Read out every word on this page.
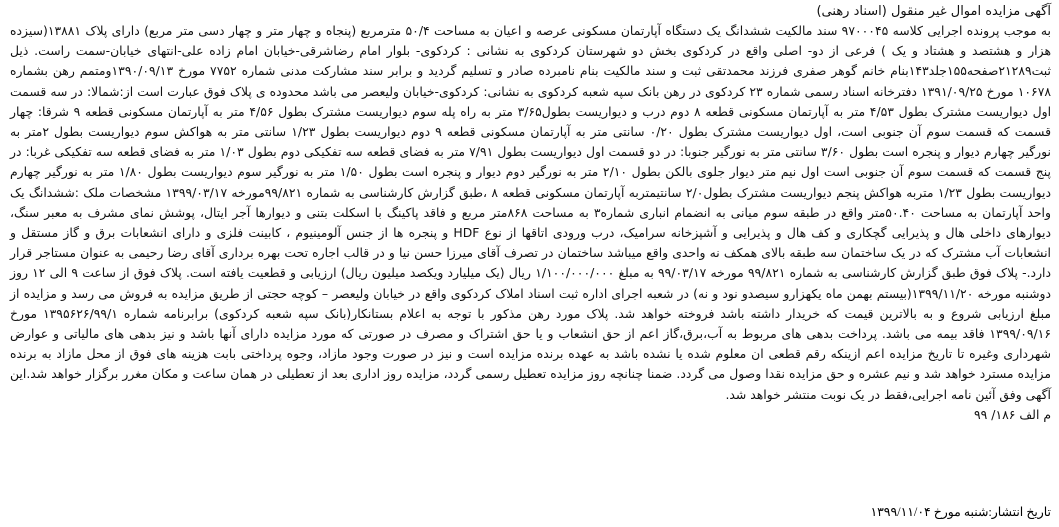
آگهی مزایده اموال غیر منقول (اسناد رهنی)

به موجب پرونده اجرایی کلاسه ۹۷۰۰۰۴۵ سند مالکیت ششدانگ یک دستگاه آپارتمان مسکونی عرصه و اعیان به مساحت ۵۰/۴ مترمربع (پنجاه و چهار متر و چهار دسی متر مربع) دارای پلاک ۱۳۸۸۱(سیزده هزار و هشتصد و هشتاد و یک ) فرعی از دو- اصلی واقع در کردکوی بخش دو شهرستان کردکوی به نشانی : کردکوی- بلوار امام رضاشرقی-خیابان امام زاده علی-انتهای خیابان-سمت راست. ذیل ثبت۲۱۲۸۹صفحه۱۵۵جلد۱۴۳بنام خانم گوهر صفری فرزند محمدتقی ثبت و سند مالکیت بنام نامبرده صادر و تسلیم گردید و برابر سند مشارکت مدنی شماره ۷۷۵۲ مورخ ۱۳۹۰/۰۹/۱۳ومتمم رهن بشماره ۱۰۶۷۸ مورخ ۱۳۹۱/۰۹/۲۵ دفترخانه اسناد رسمی شماره ۲۳ کردکوی در رهن بانک سپه شعبه کردکوی به نشانی: کردکوی-خیابان ولیعصر می باشد محدوده ی پلاک فوق عبارت است از:شمالا: در سه قسمت اول دیواریست مشترک بطول ۴/۵۳ متر به آپارتمان مسکونی قطعه ۸ دوم درب و دیواریست بطول۳/۶۵ متر به راه پله سوم دیواریست مشترک بطول ۴/۵۶ متر به آپارتمان مسکونی قطعه ۹ شرقا: چهار قسمت که قسمت سوم آن جنوبی است، اول دیواریست مشترک بطول ۰/۲۰ سانتی متر به آپارتمان مسکونی قطعه ۹ دوم دیواریست بطول ۱/۲۳ سانتی متر به هواکش سوم دیواریست بطول ۲متر به نورگیر چهارم دیوار و پنجره است بطول ۳/۶۰ سانتی متر به نورگیر جنوبا: در دو قسمت اول دیواریست بطول ۷/۹۱ متر به فضای قطعه سه تفکیکی دوم بطول ۱/۰۳ متر به فضای قطعه سه تفکیکی غربا: در پنج قسمت که قسمت سوم آن جنوبی است اول نیم متر دیوار جلوی بالکن بطول ۲/۱۰ متر به نورگیر دوم دیوار و پنجره است بطول ۱/۵۰ متر به نورگیر سوم دیواریست بطول ۱/۸۰ متر به نورگیر چهارم دیواریست بطول ۱/۲۳ متربه هواکش پنجم دیواریست مشترک بطول۲/۰ سانتیمتربه آپارتمان مسکونی قطعه ۸ ،طبق گزارش کارشناسی به شماره ۹۹/۸۲۱مورخه ۱۳۹۹/۰۳/۱۷ مشخصات ملک :ششدانگ یک واحد آپارتمان به مساحت ۵۰.۴۰متر واقع در طبقه سوم میانی به انضمام انباری شماره۳ به مساحت ۸۶۸متر مربع و فاقد پاکینگ با اسکلت بتنی و دیوارها آجر ایتال، پوشش نمای مشرف به معبر سنگ، دیوارهای داخلی هال و پذیرایی گچکاری و کف هال و پذیرایی و آشپزخانه سرامیک، درب ورودی اتاقها از نوع HDF و پنجره ها از جنس آلومینیوم ، کابینت فلزی و دارای انشعابات برق و گاز مستقل و انشعابات آب مشترک که در یک ساختمان سه طبقه بالای همکف نه واحدی واقع میباشد ساختمان در تصرف آقای میرزا حسن نیا و در قالب اجاره تحت بهره برداری آقای رضا رحیمی به عنوان مستاجر قرار دارد.- پلاک فوق طبق گزارش کارشناسی به شماره ۹۹/۸۲۱ مورخه ۹۹/۰۳/۱۷ به مبلغ ۱/۱۰۰/۰۰۰/۰۰۰ ریال (یک میلیارد ویکصد میلیون ریال) ارزیابی و قطعیت یافته است. پلاک فوق از ساعت ۹ الی ۱۲ روز دوشنبه مورخه ۱۳۹۹/۱۱/۲۰(بیستم بهمن ماه یکهزارو سیصدو نود و نه) در شعبه اجرای اداره ثبت اسناد املاک کردکوی واقع در خیابان ولیعصر – کوچه حجتی از طریق مزایده به فروش می رسد و مزایده از مبلغ ارزیابی شروع و به بالاترین قیمت که خریدار داشته باشد فروخته خواهد شد. پلاک مورد رهن مذکور با توجه به اعلام بستانکار(بانک سپه شعبه کردکوی) برابرنامه شماره ۱۳۹۵۶۲۶/۹۹/۱ مورخ ۱۳۹۹/۰۹/۱۶ فاقد بیمه می باشد. پرداخت بدهی های مربوط به آب،برق،گاز اعم از حق انشعاب و یا حق اشتراک و مصرف در صورتی که مورد مزایده دارای آنها باشد و نیز بدهی های مالیاتی و عوارض شهرداری وغیره تا تاریخ مزایده اعم ازینکه رقم قطعی ان معلوم شده یا نشده باشد به عهده برنده مزایده است و نیز در صورت وجود مازاد، وجوه پرداختی بابت هزینه های فوق از محل مازاد به برنده مزایده مسترد خواهد شد و نیم عشره و حق مزایده نقدا وصول می گردد. ضمنا چنانچه روز مزایده تعطیل رسمی گردد، مزایده روز اداری بعد از تعطیلی در همان ساعت و مکان مغرر برگزار خواهد شد.این آگهی وفق آئین نامه اجرایی،فقط در یک نوبت منتشر خواهد شد.

م الف ۱۸۶/ ۹۹

تاریخ انتشار:شنبه مورخ ۱۳۹۹/۱۱/۰۴
